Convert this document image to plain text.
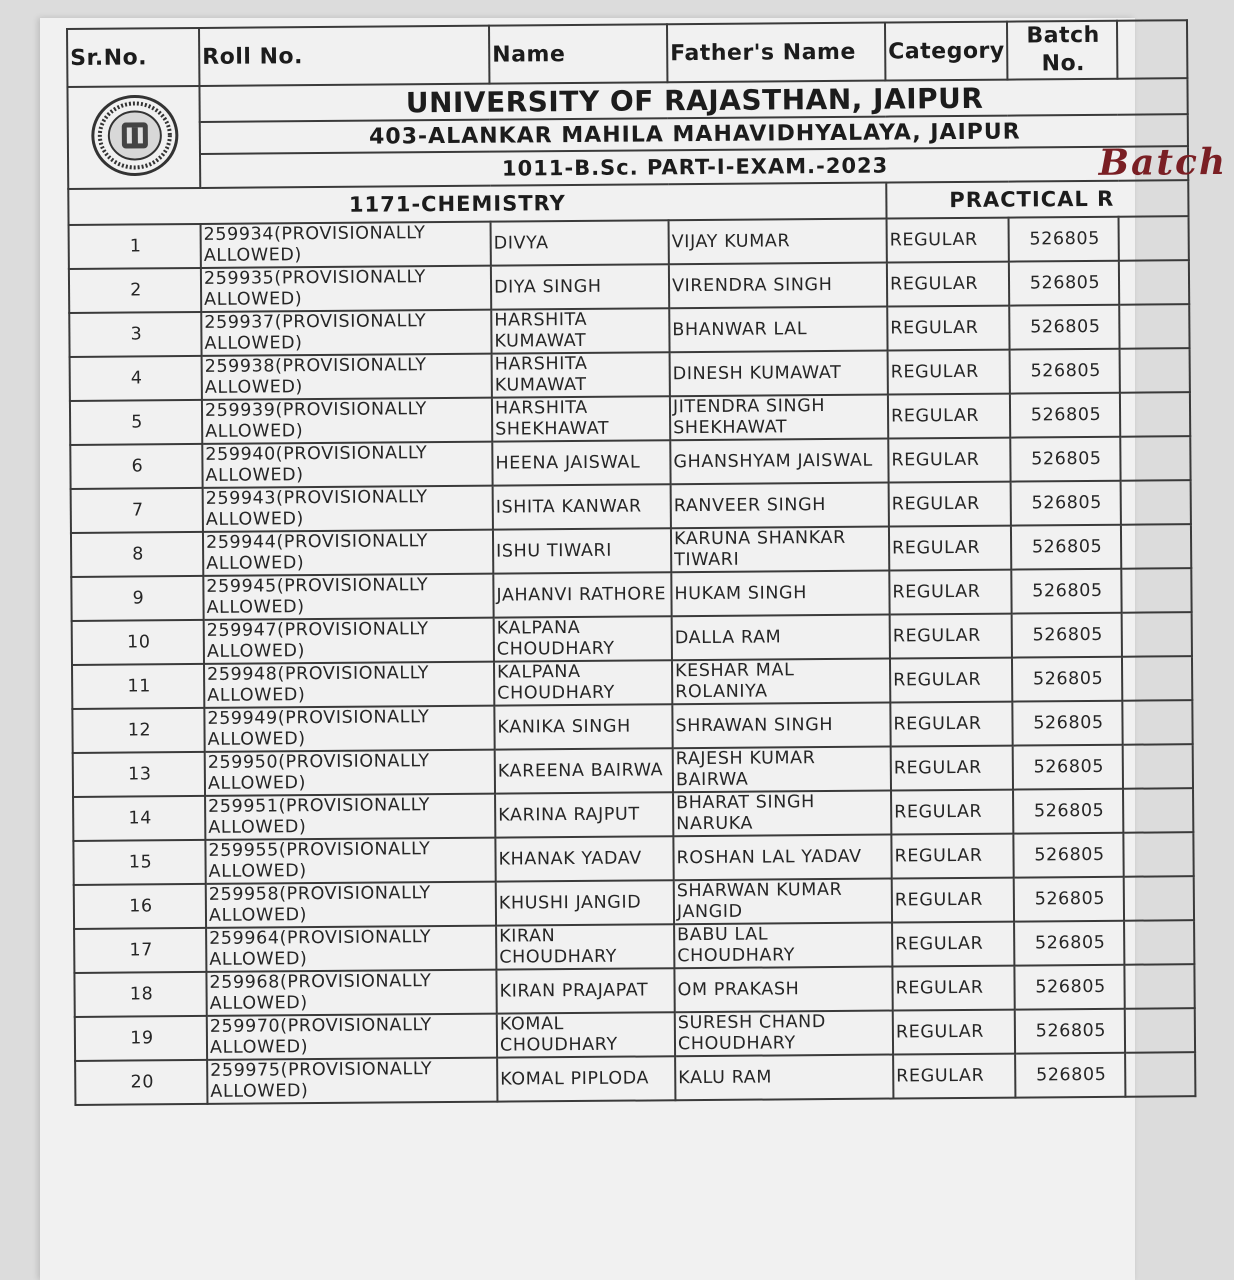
	UNIVERSITY OF RAJASTHAN, JAIPUR					
	403-ALANKAR MAHILA MAHAVIDHYALAYA, JAIPUR					
	1011-B.Sc. PART-I-EXAM.-2023 Batch					

1171-CHEMISTRY				PRACTICAL R		
Sr.No.	Roll No.	Name	Father's Name	Category	Batch No.	
1	259934(PROVISIONALLY ALLOWED)	DIVYA	VIJAY KUMAR	REGULAR	526805	
2	259935(PROVISIONALLY ALLOWED)	DIYA SINGH	VIRENDRA SINGH	REGULAR	526805	
3	259937(PROVISIONALLY ALLOWED)	HARSHITA KUMAWAT	BHANWAR LAL	REGULAR	526805	
4	259938(PROVISIONALLY ALLOWED)	HARSHITA KUMAWAT	DINESH KUMAWAT	REGULAR	526805	
5	259939(PROVISIONALLY ALLOWED)	HARSHITA SHEKHAWAT	JITENDRA SINGH SHEKHAWAT	REGULAR	526805	
6	259940(PROVISIONALLY ALLOWED)	HEENA JAISWAL	GHANSHYAM JAISWAL	REGULAR	526805	
7	259943(PROVISIONALLY ALLOWED)	ISHITA KANWAR	RANVEER SINGH	REGULAR	526805	
8	259944(PROVISIONALLY ALLOWED)	ISHU TIWARI	KARUNA SHANKAR TIWARI	REGULAR	526805	
9	259945(PROVISIONALLY ALLOWED)	JAHANVI RATHORE	HUKAM SINGH	REGULAR	526805	
10	259947(PROVISIONALLY ALLOWED)	KALPANA CHOUDHARY	DALLA RAM	REGULAR	526805	
11	259948(PROVISIONALLY ALLOWED)	KALPANA CHOUDHARY	KESHAR MAL ROLANIYA	REGULAR	526805	
12	259949(PROVISIONALLY ALLOWED)	KANIKA SINGH	SHRAWAN SINGH	REGULAR	526805	
13	259950(PROVISIONALLY ALLOWED)	KAREENA BAIRWA	RAJESH KUMAR BAIRWA	REGULAR	526805	
14	259951(PROVISIONALLY ALLOWED)	KARINA RAJPUT	BHARAT SINGH NARUKA	REGULAR	526805	
15	259955(PROVISIONALLY ALLOWED)	KHANAK YADAV	ROSHAN LAL YADAV	REGULAR	526805	
16	259958(PROVISIONALLY ALLOWED)	KHUSHI JANGID	SHARWAN KUMAR JANGID	REGULAR	526805	
17	259964(PROVISIONALLY ALLOWED)	KIRAN CHOUDHARY	BABU LAL CHOUDHARY	REGULAR	526805	
18	259968(PROVISIONALLY ALLOWED)	KIRAN PRAJAPAT	OM PRAKASH	REGULAR	526805	
19	259970(PROVISIONALLY ALLOWED)	KOMAL CHOUDHARY	SURESH CHAND CHOUDHARY	REGULAR	526805	
20	259975(PROVISIONALLY ALLOWED)	KOMAL PIPLODA	KALU RAM	REGULAR	526805	
